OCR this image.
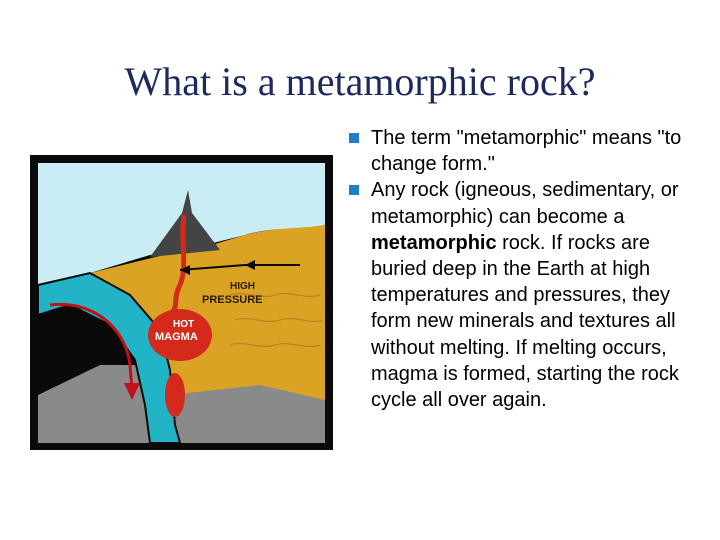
What is a metamorphic rock?
HIGH
PRESSURE
HOT
MAGMA
The term "metamorphic" means "to change form."
Any rock (igneous, sedimentary, or metamorphic) can become a metamorphic rock. If rocks are buried deep in the Earth at high temperatures and pressures, they form new minerals and textures all without melting. If melting occurs, magma is formed, starting the rock cycle all over again.
